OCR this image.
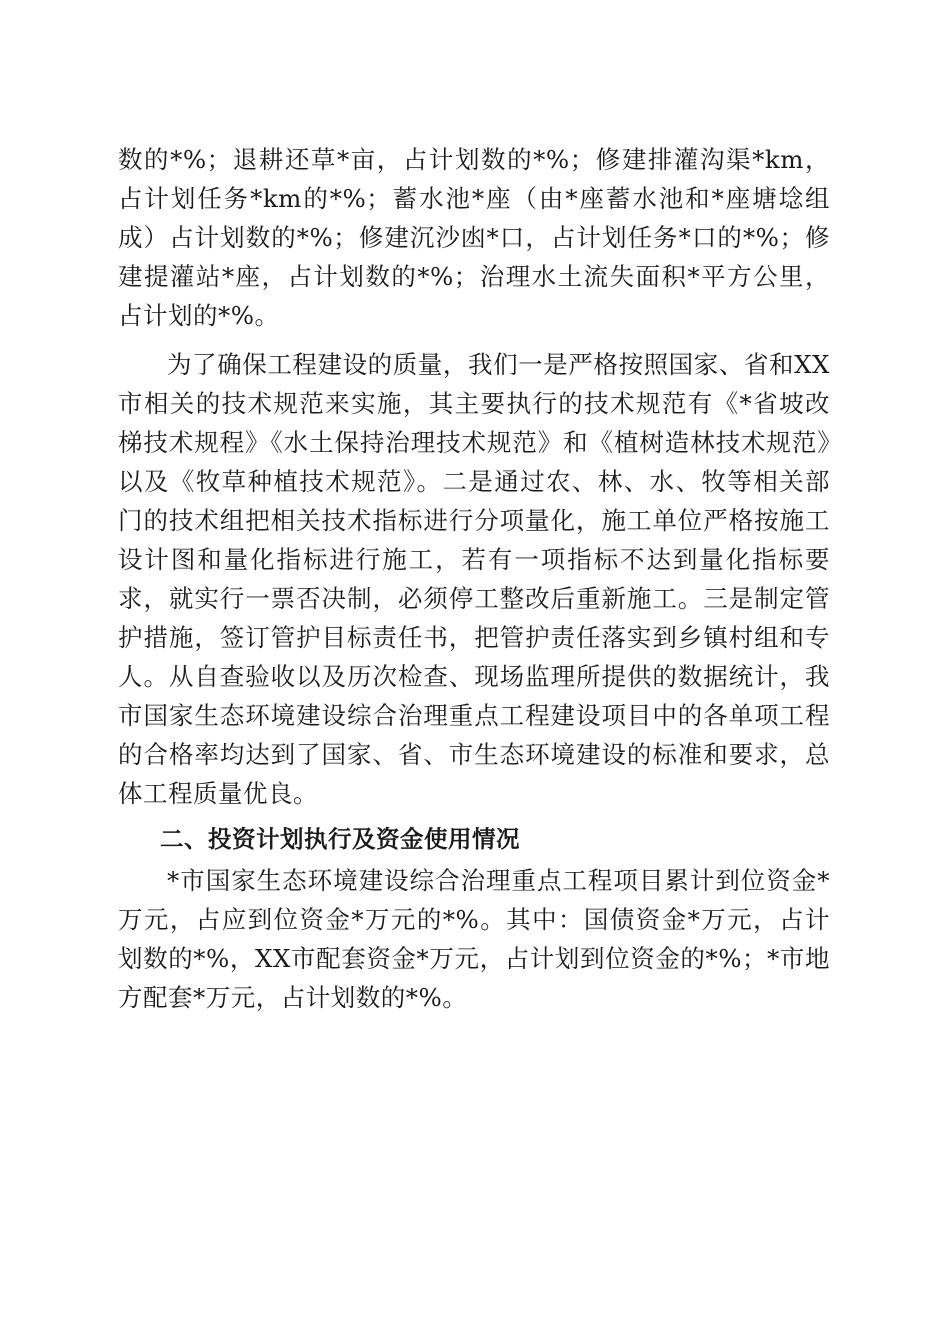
数的*%；退耕还草*亩，占计划数的*%；修建排灌沟渠*km，占计划任务*km的*%；蓄水池*座（由*座蓄水池和*座塘埝组成）占计划数的*%；修建沉沙凼*口，占计划任务*口的*%；修建提灌站*座，占计划数的*%；治理水土流失面积*平方公里，占计划的*%。

为了确保工程建设的质量，我们一是严格按照国家、省和XX市相关的技术规范来实施，其主要执行的技术规范有《*省坡改梯技术规程》《水土保持治理技术规范》和《植树造林技术规范》以及《牧草种植技术规范》。二是通过农、林、水、牧等相关部门的技术组把相关技术指标进行分项量化，施工单位严格按施工设计图和量化指标进行施工，若有一项指标不达到量化指标要求，就实行一票否决制，必须停工整改后重新施工。三是制定管护措施，签订管护目标责任书，把管护责任落实到乡镇村组和专人。从自查验收以及历次检查、现场监理所提供的数据统计，我市国家生态环境建设综合治理重点工程建设项目中的各单项工程的合格率均达到了国家、省、市生态环境建设的标准和要求，总体工程质量优良。

二、投资计划执行及资金使用情况

*市国家生态环境建设综合治理重点工程项目累计到位资金*万元，占应到位资金*万元的*%。其中：国债资金*万元，占计划数的*%，XX市配套资金*万元，占计划到位资金的*%；*市地方配套*万元，占计划数的*%。
